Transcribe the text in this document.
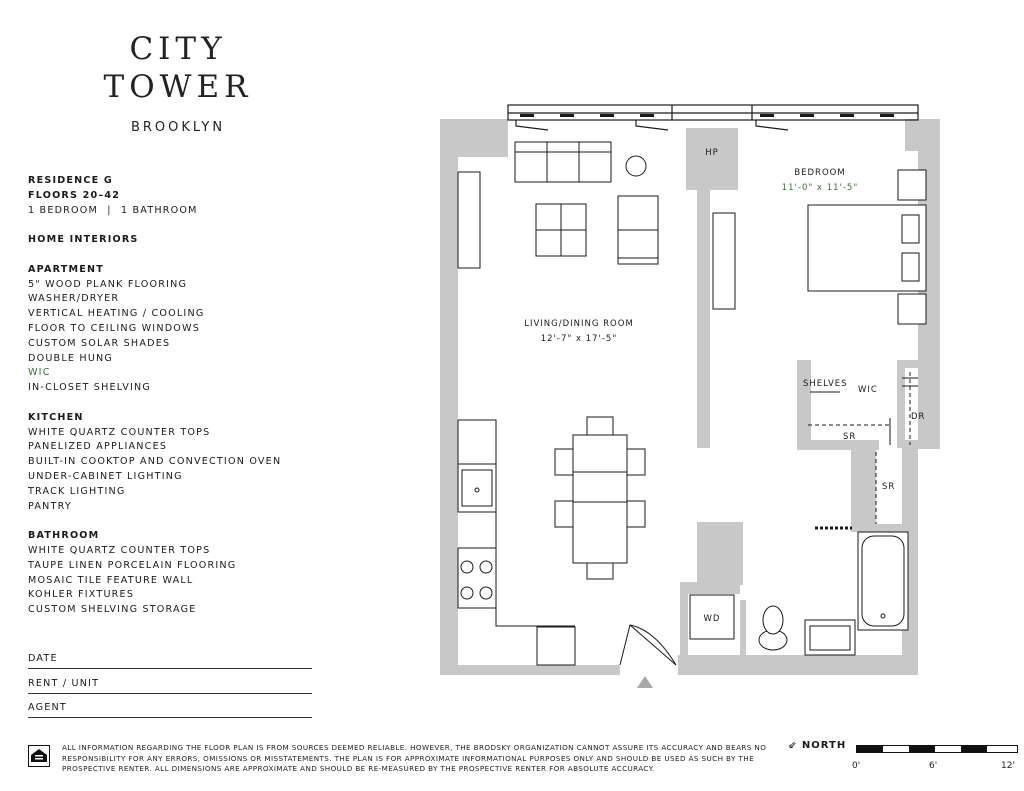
CITY
TOWER
BROOKLYN
RESIDENCE G
FLOORS 20–42
1 BEDROOM | 1 BATHROOM
HOME INTERIORS
APARTMENT
5" WOOD PLANK FLOORING
WASHER/DRYER
VERTICAL HEATING / COOLING
FLOOR TO CEILING WINDOWS
CUSTOM SOLAR SHADES
DOUBLE HUNG
WIC
IN-CLOSET SHELVING
KITCHEN
WHITE QUARTZ COUNTER TOPS
PANELIZED APPLIANCES
BUILT-IN COOKTOP AND CONVECTION OVEN
UNDER-CABINET LIGHTING
TRACK LIGHTING
PANTRY
BATHROOM
WHITE QUARTZ COUNTER TOPS
TAUPE LINEN PORCELAIN FLOORING
MOSAIC TILE FEATURE WALL
KOHLER FIXTURES
CUSTOM SHELVING STORAGE
DATE
RENT / UNIT
AGENT
HP
BEDROOM
11'-0" x 11'-5"
LIVING/DINING ROOM
12'-7" x 17'-5"
SHELVES
WIC
DR
SR
SR
WD
ALL INFORMATION REGARDING THE FLOOR PLAN IS FROM SOURCES DEEMED RELIABLE. HOWEVER, THE BRODSKY ORGANIZATION CANNOT ASSURE ITS ACCURACY AND BEARS NO RESPONSIBILITY FOR ANY ERRORS, OMISSIONS OR MISSTATEMENTS. THE PLAN IS FOR APPROXIMATE INFORMATIONAL PURPOSES ONLY AND SHOULD BE USED AS SUCH BY THE PROSPECTIVE RENTER. ALL DIMENSIONS ARE APPROXIMATE AND SHOULD BE RE-MEASURED BY THE PROSPECTIVE RENTER FOR ABSOLUTE ACCURACY.
⇙ NORTH
0'	6'	12'
